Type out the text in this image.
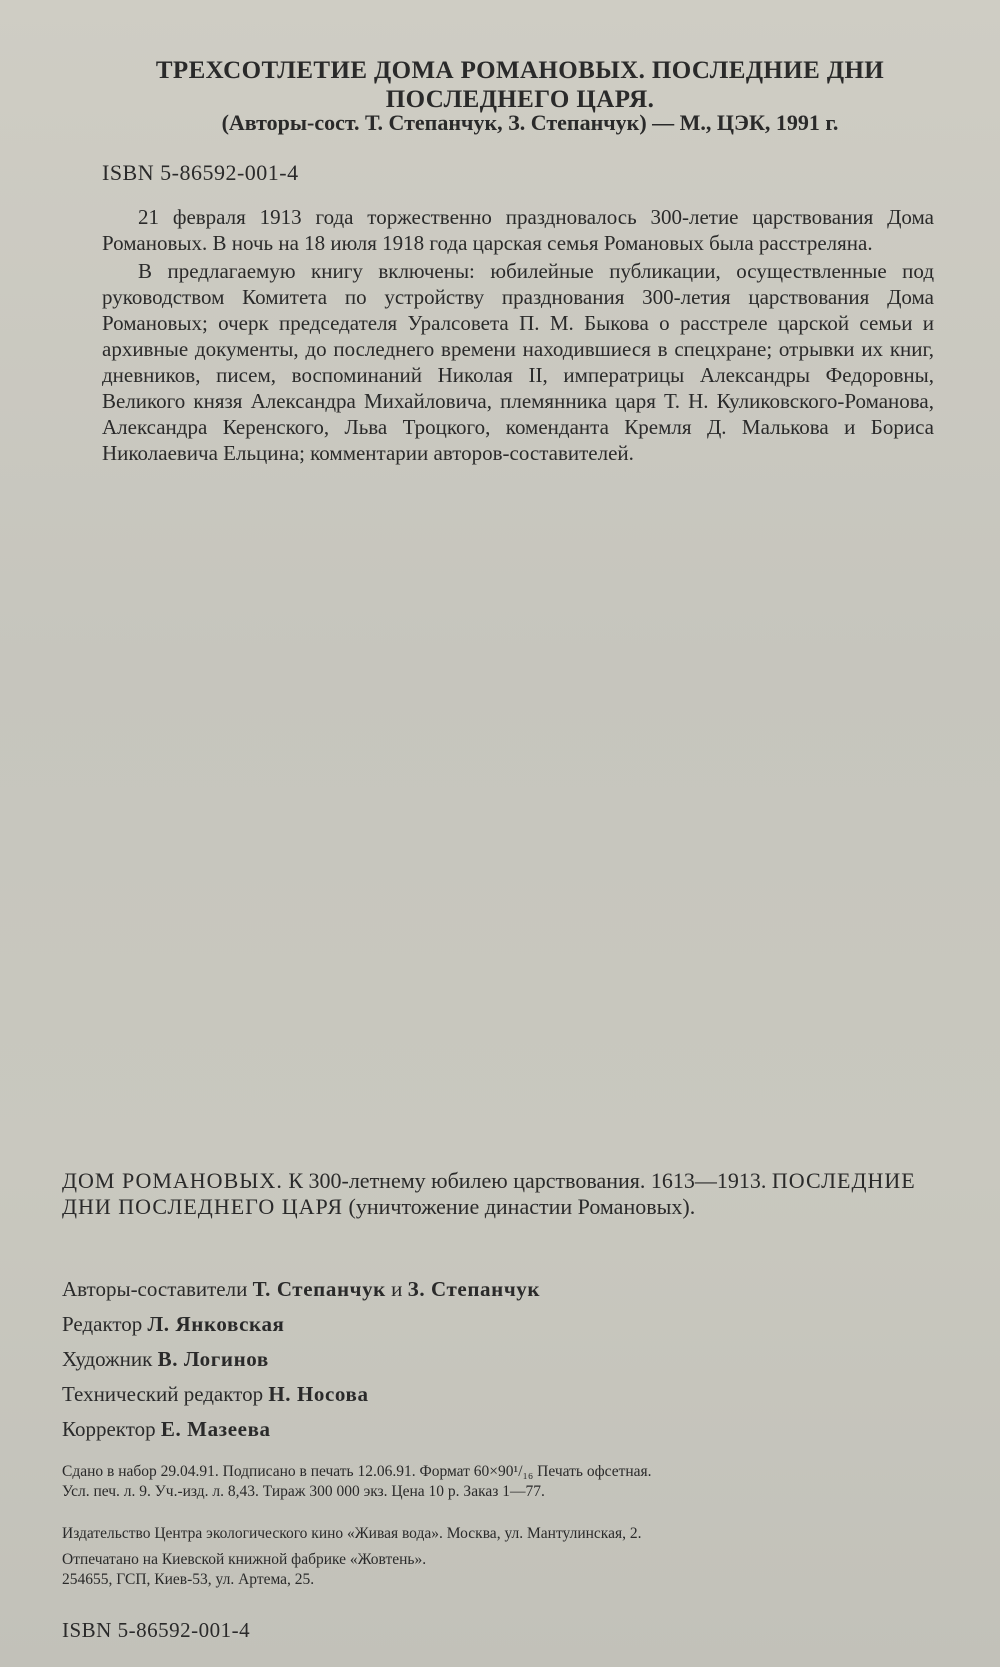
ТРЕХСОТЛЕТИЕ ДОМА РОМАНОВЫХ. ПОСЛЕДНИЕ ДНИ
ПОСЛЕДНЕГО ЦАРЯ.
(Авторы-сост. Т. Степанчук, З. Степанчук) — М., ЦЭК, 1991 г.
ISBN 5-86592-001-4

21 февраля 1913 года торжественно праздновалось 300-летие царствования Дома Романовых. В ночь на 18 июля 1918 года царская семья Романовых была расстреляна.

В предлагаемую книгу включены: юбилейные публикации, осуществленные под руководством Комитета по устройству празднования 300-летия царствования Дома Романовых; очерк председателя Уралсовета П. М. Быкова о расстреле царской семьи и архивные документы, до последнего времени находившиеся в спецхране; отрывки их книг, дневников, писем, воспоминаний Николая II, императрицы Александры Федоровны, Великого князя Александра Михайловича, племянника царя Т. Н. Куликовского-Романова, Александра Керенского, Льва Троцкого, коменданта Кремля Д. Малькова и Бориса Николаевича Ельцина; комментарии авторов-составителей.

ДОМ РОМАНОВЫХ. К 300-летнему юбилею царствования. 1613—1913. ПОСЛЕДНИЕ ДНИ ПОСЛЕДНЕГО ЦАРЯ (уничтожение династии Романовых).
Авторы-составители Т. Степанчук и З. Степанчук
Редактор Л. Янковская
Художник В. Логинов
Технический редактор Н. Носова
Корректор Е. Мазеева
Сдано в набор 29.04.91. Подписано в печать 12.06.91. Формат 60×90¹/₁₆ Печать офсетная.
Усл. печ. л. 9. Уч.-изд. л. 8,43. Тираж 300 000 экз. Цена 10 р. Заказ 1—77.
Издательство Центра экологического кино «Живая вода». Москва, ул. Мантулинская, 2.
Отпечатано на Киевской книжной фабрике «Жовтень».
254655, ГСП, Киев-53, ул. Артема, 25.
ISBN 5-86592-001-4
